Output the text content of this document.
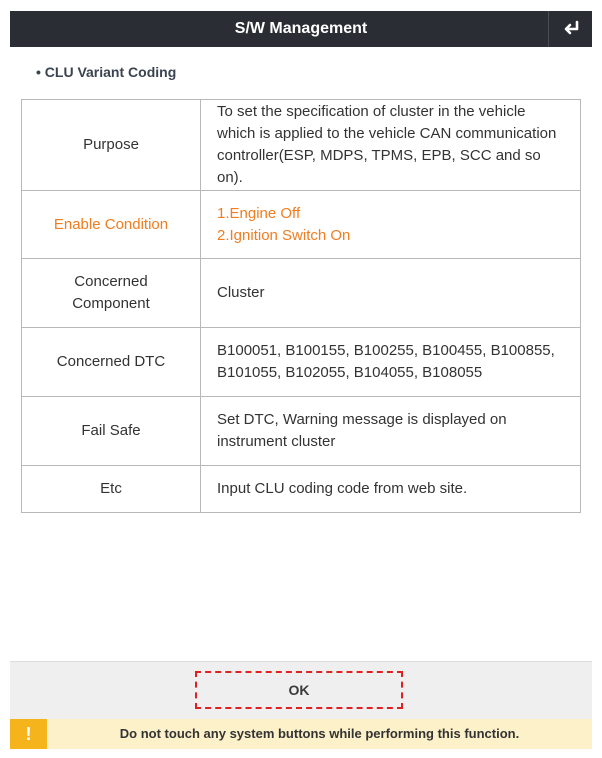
S/W Management
• CLU Variant Coding
Purpose	To set the specification of cluster in the vehicle
which is applied to the vehicle CAN communication
controller(ESP, MDPS, TPMS, EPB, SCC and so on).

Enable Condition	1.Engine Off
2.Ignition Switch On

Concerned
Component	Cluster

Concerned DTC	B100051, B100155, B100255, B100455, B100855,
B101055, B102055, B104055, B108055

Fail Safe	Set DTC, Warning message is displayed on
instrument cluster

Etc	Input CLU coding code from web site.
OK
!	Do not touch any system buttons while performing this function.
